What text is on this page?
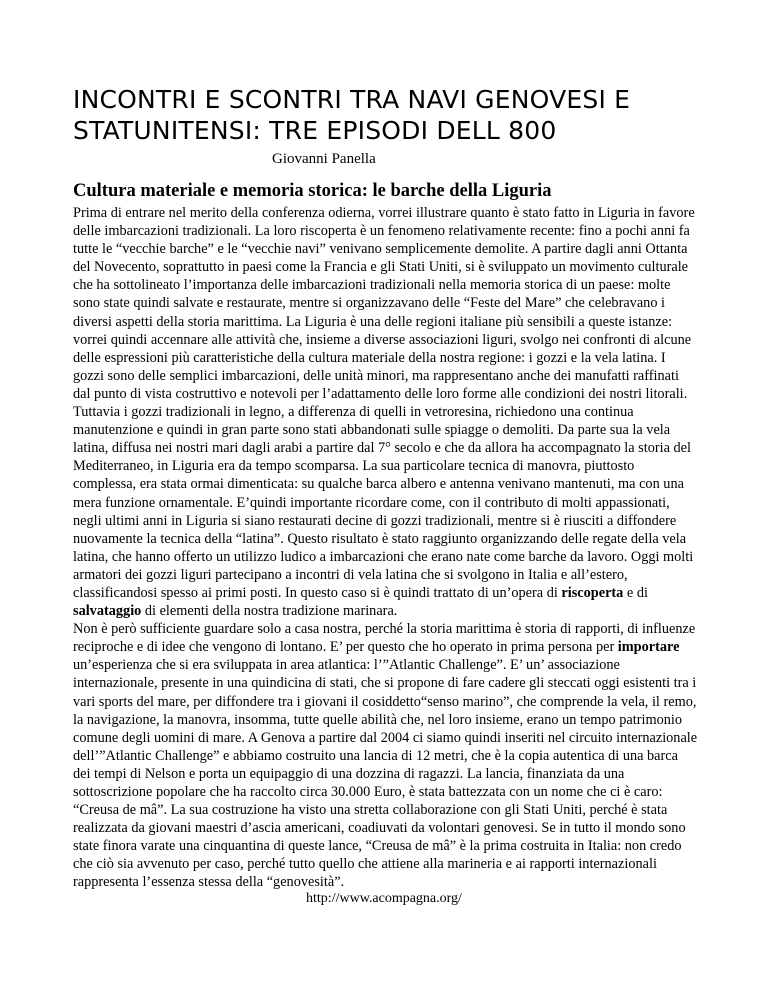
INCONTRI E SCONTRI TRA NAVI GENOVESI E STATUNITENSI: TRE EPISODI DELL 800
Giovanni Panella
Cultura materiale e memoria storica: le barche della Liguria

Prima di entrare nel merito della conferenza odierna, vorrei illustrare quanto è stato fatto in Liguria in favore delle imbarcazioni tradizionali. La loro riscoperta è un fenomeno relativamente recente: fino a pochi anni fa tutte le “vecchie barche” e le “vecchie navi” venivano semplicemente demolite. A partire dagli anni Ottanta del Novecento, soprattutto in paesi come la Francia e gli Stati Uniti, si è sviluppato un movimento culturale che ha sottolineato l’importanza delle imbarcazioni tradizionali nella memoria storica di un paese: molte sono state quindi salvate e restaurate, mentre si organizzavano delle “Feste del Mare” che celebravano i diversi aspetti della storia marittima. La Liguria è una delle regioni italiane più sensibili a queste istanze: vorrei quindi accennare alle attività che, insieme a diverse associazioni liguri, svolgo nei confronti di alcune delle espressioni più caratteristiche della cultura materiale della nostra regione: i gozzi e la vela latina. I gozzi sono delle semplici imbarcazioni, delle unità minori, ma rappresentano anche dei manufatti raffinati dal punto di vista costruttivo e notevoli per l’adattamento delle loro forme alle condizioni dei nostri litorali. Tuttavia i gozzi tradizionali in legno, a differenza di quelli in vetroresina, richiedono una continua manutenzione e quindi in gran parte sono stati abbandonati sulle spiagge o demoliti. Da parte sua la vela latina, diffusa nei nostri mari dagli arabi a partire dal 7° secolo e che da allora ha accompagnato la storia del Mediterraneo, in Liguria era da tempo scomparsa. La sua particolare tecnica di manovra, piuttosto complessa, era stata ormai dimenticata: su qualche barca albero e antenna venivano mantenuti, ma con una mera funzione ornamentale. E’quindi importante ricordare come, con il contributo di molti appassionati, negli ultimi anni in Liguria si siano restaurati decine di gozzi tradizionali, mentre si è riusciti a diffondere nuovamente la tecnica della “latina”. Questo risultato è stato raggiunto organizzando delle regate della vela latina, che hanno offerto un utilizzo ludico a imbarcazioni che erano nate come barche da lavoro. Oggi molti armatori dei gozzi liguri partecipano a incontri di vela latina che si svolgono in Italia e all’estero, classificandosi spesso ai primi posti. In questo caso si è quindi trattato di un’opera di riscoperta e di salvataggio di elementi della nostra tradizione marinara.

Non è però sufficiente guardare solo a casa nostra, perché la storia marittima è storia di rapporti, di influenze reciproche e di idee che vengono di lontano. E’ per questo che ho operato in prima persona per importare un’esperienza che si era sviluppata in area atlantica: l’”Atlantic Challenge”. E’ un’ associazione internazionale, presente in una quindicina di stati, che si propone di fare cadere gli steccati oggi esistenti tra i vari sports del mare, per diffondere tra i giovani il cosiddetto“senso marino”, che comprende la vela, il remo, la navigazione, la manovra, insomma, tutte quelle abilità che, nel loro insieme, erano un tempo patrimonio comune degli uomini di mare. A Genova a partire dal 2004 ci siamo quindi inseriti nel circuito internazionale dell’”Atlantic Challenge” e abbiamo costruito una lancia di 12 metri, che è la copia autentica di una barca dei tempi di Nelson e porta un equipaggio di una dozzina di ragazzi. La lancia, finanziata da una sottoscrizione popolare che ha raccolto circa 30.000 Euro, è stata battezzata con un nome che ci è caro: “Creusa de mâ”. La sua costruzione ha visto una stretta collaborazione con gli Stati Uniti, perché è stata realizzata da giovani maestri d’ascia americani, coadiuvati da volontari genovesi. Se in tutto il mondo sono state finora varate una cinquantina di queste lance, “Creusa de mâ” è la prima costruita in Italia: non credo che ciò sia avvenuto per caso, perché tutto quello che attiene alla marineria e ai rapporti internazionali rappresenta l’essenza stessa della “genovesità”.

http://www.acompagna.org/
